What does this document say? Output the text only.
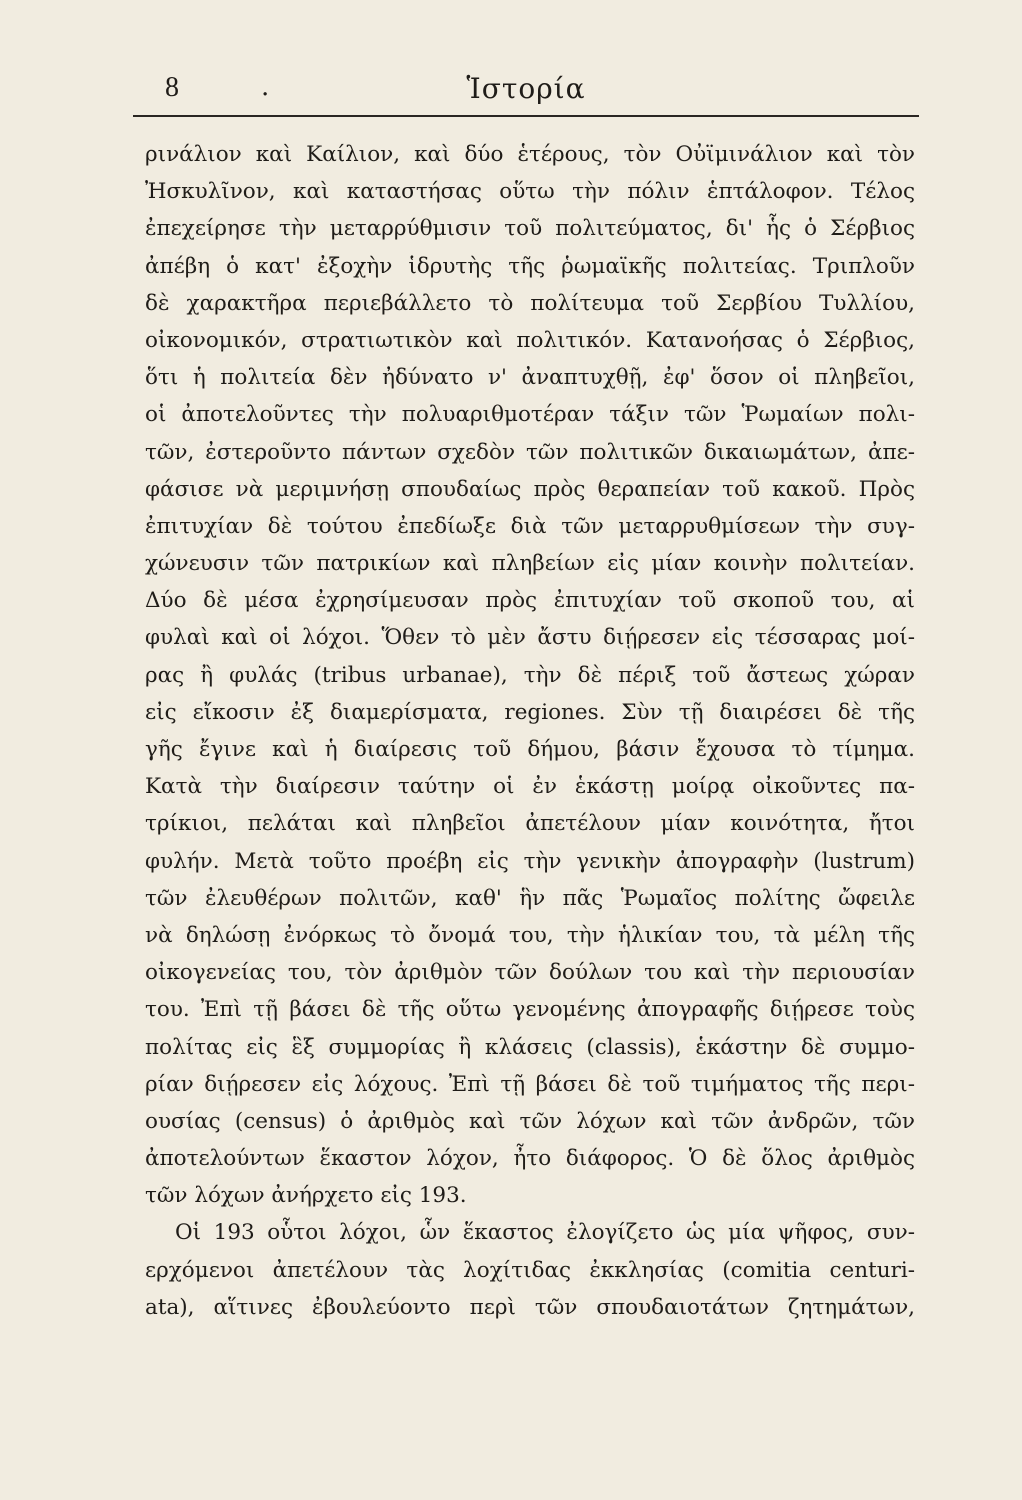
Ἱστορία
8	.
ρινάλιον καὶ Καίλιον, καὶ δύο ἑτέρους, τὸν Οὐϊμινάλιον καὶ τὸν
Ἠσκυλῖνον, καὶ καταστήσας οὕτω τὴν πόλιν ἑπτάλοφον. Τέλος
ἐπεχείρησε τὴν μεταρρύθμισιν τοῦ πολιτεύματος, δι' ἧς ὁ Σέρβιος
ἀπέβη ὁ κατ' ἐξοχὴν ἱδρυτὴς τῆς ῥωμαϊκῆς πολιτείας. Τριπλοῦν
δὲ χαρακτῆρα περιεβάλλετο τὸ πολίτευμα τοῦ Σερβίου Τυλλίου,
οἰκονομικόν, στρατιωτικὸν καὶ πολιτικόν. Κατανοήσας ὁ Σέρβιος,
ὅτι ἡ πολιτεία δὲν ἠδύνατο ν' ἀναπτυχθῇ, ἐφ' ὅσον οἱ πληβεῖοι,
οἱ ἀποτελοῦντες τὴν πολυαριθμοτέραν τάξιν τῶν Ῥωμαίων πολι-
τῶν, ἐστεροῦντο πάντων σχεδὸν τῶν πολιτικῶν δικαιωμάτων, ἀπε-
φάσισε νὰ μεριμνήσῃ σπουδαίως πρὸς θεραπείαν τοῦ κακοῦ. Πρὸς
ἐπιτυχίαν δὲ τούτου ἐπεδίωξε διὰ τῶν μεταρρυθμίσεων τὴν συγ-
χώνευσιν τῶν πατρικίων καὶ πληβείων εἰς μίαν κοινὴν πολιτείαν.
Δύο δὲ μέσα ἐχρησίμευσαν πρὸς ἐπιτυχίαν τοῦ σκοποῦ του, αἱ
φυλαὶ καὶ οἱ λόχοι. Ὅθεν τὸ μὲν ἄστυ διῄρεσεν εἰς τέσσαρας μοί-
ρας ἢ φυλάς (tribus urbanae), τὴν δὲ πέριξ τοῦ ἄστεως χώραν
εἰς εἴκοσιν ἐξ διαμερίσματα, regiones. Σὺν τῇ διαιρέσει δὲ τῆς
γῆς ἔγινε καὶ ἡ διαίρεσις τοῦ δήμου, βάσιν ἔχουσα τὸ τίμημα.
Κατὰ τὴν διαίρεσιν ταύτην οἱ ἐν ἑκάστῃ μοίρᾳ οἰκοῦντες πα-
τρίκιοι, πελάται καὶ πληβεῖοι ἀπετέλουν μίαν κοινότητα, ἤτοι
φυλήν. Μετὰ τοῦτο προέβη εἰς τὴν γενικὴν ἀπογραφὴν (lustrum)
τῶν ἐλευθέρων πολιτῶν, καθ' ἣν πᾶς Ῥωμαῖος πολίτης ὤφειλε
νὰ δηλώσῃ ἐνόρκως τὸ ὄνομά του, τὴν ἡλικίαν του, τὰ μέλη τῆς
οἰκογενείας του, τὸν ἀριθμὸν τῶν δούλων του καὶ τὴν περιουσίαν
του. Ἐπὶ τῇ βάσει δὲ τῆς οὕτω γενομένης ἀπογραφῆς διῄρεσε τοὺς
πολίτας εἰς ἓξ συμμορίας ἢ κλάσεις (classis), ἑκάστην δὲ συμμο-
ρίαν διῄρεσεν εἰς λόχους. Ἐπὶ τῇ βάσει δὲ τοῦ τιμήματος τῆς περι-
ουσίας (census) ὁ ἀριθμὸς καὶ τῶν λόχων καὶ τῶν ἀνδρῶν, τῶν
ἀποτελούντων ἕκαστον λόχον, ἦτο διάφορος. Ὁ δὲ ὅλος ἀριθμὸς
τῶν λόχων ἀνήρχετο εἰς 193.
Οἱ 193 οὗτοι λόχοι, ὧν ἕκαστος ἐλογίζετο ὡς μία ψῆφος, συν-
ερχόμενοι ἀπετέλουν τὰς λοχίτιδας ἐκκλησίας (comitia centuri-
ata), αἵτινες ἐβουλεύοντο περὶ τῶν σπουδαιοτάτων ζητημάτων,
